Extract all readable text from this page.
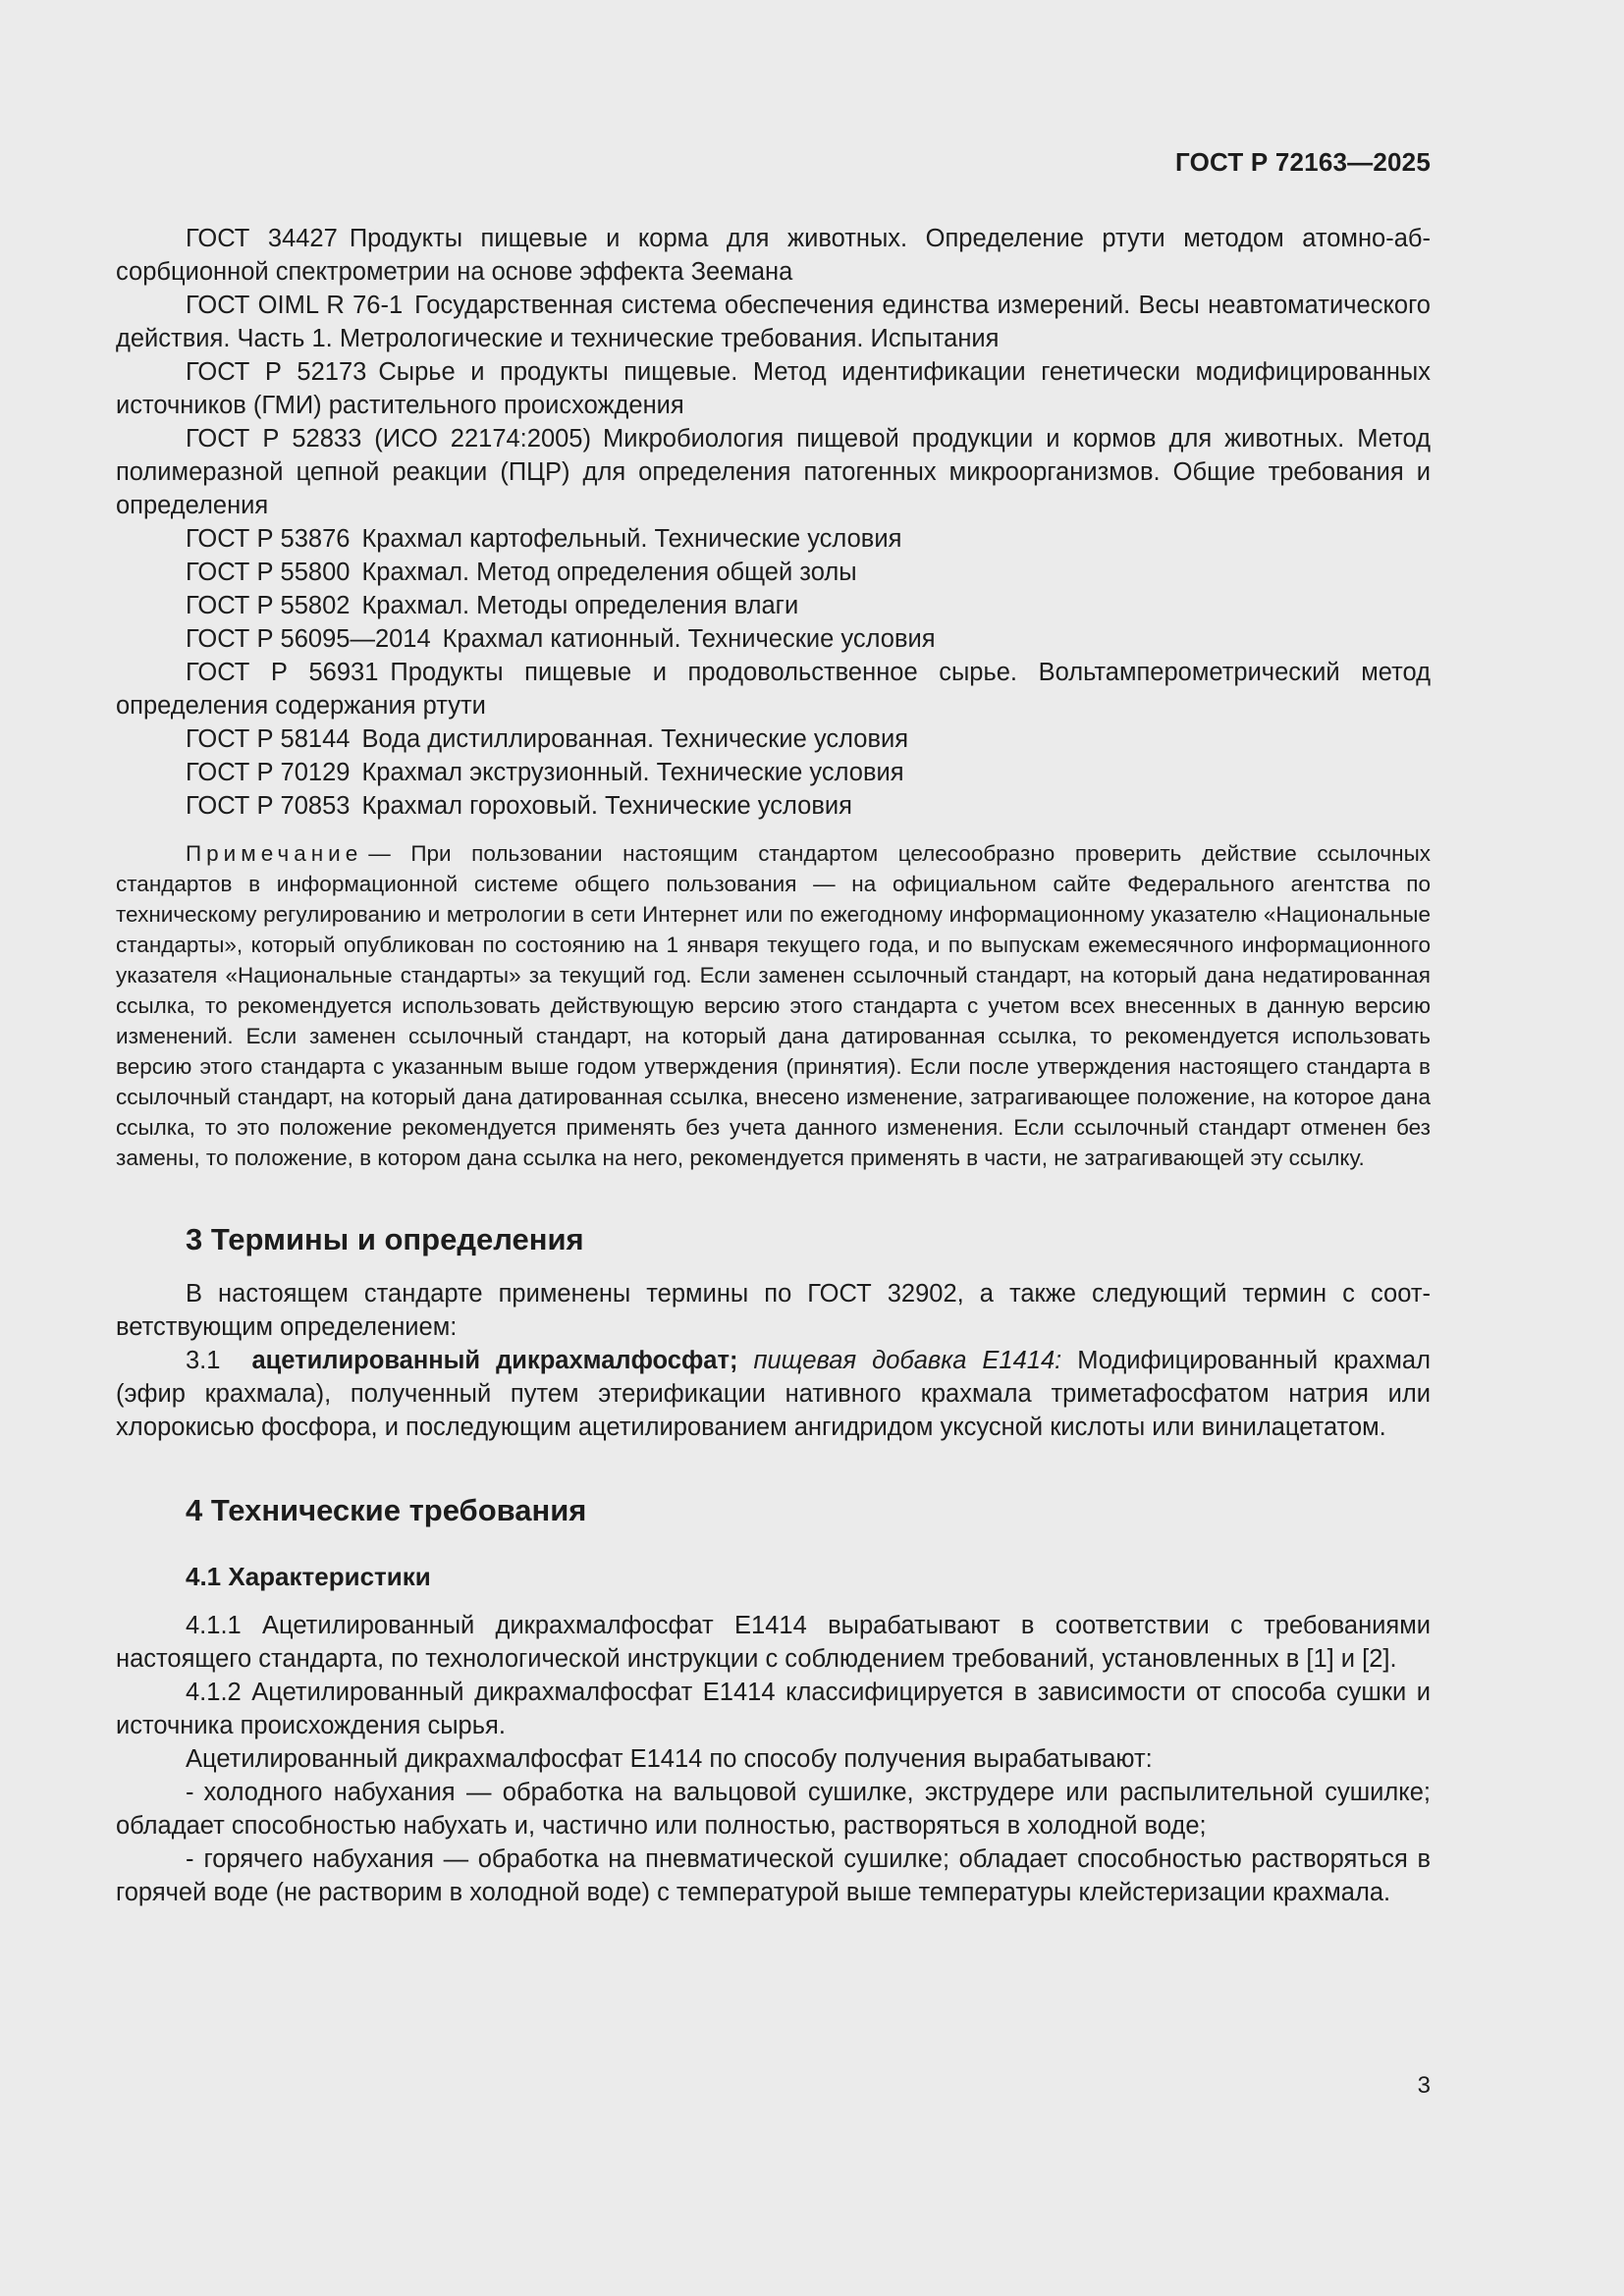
ГОСТ Р 72163—2025

ГОСТ 34427 Продукты пищевые и корма для животных. Определение ртути методом атомно-абсорбционной спектрометрии на основе эффекта Зеемана

ГОСТ OIML R 76-1 Государственная система обеспечения единства измерений. Весы неавтоматического действия. Часть 1. Метрологические и технические требования. Испытания

ГОСТ Р 52173 Сырье и продукты пищевые. Метод идентификации генетически модифицированных источников (ГМИ) растительного происхождения

ГОСТ Р 52833 (ИСО 22174:2005) Микробиология пищевой продукции и кормов для животных. Метод полимеразной цепной реакции (ПЦР) для определения патогенных микроорганизмов. Общие требования и определения

ГОСТ Р 53876 Крахмал картофельный. Технические условия

ГОСТ Р 55800 Крахмал. Метод определения общей золы

ГОСТ Р 55802 Крахмал. Методы определения влаги

ГОСТ Р 56095—2014 Крахмал катионный. Технические условия

ГОСТ Р 56931 Продукты пищевые и продовольственное сырье. Вольтамперометрический метод определения содержания ртути

ГОСТ Р 58144 Вода дистиллированная. Технические условия

ГОСТ Р 70129 Крахмал экструзионный. Технические условия

ГОСТ Р 70853 Крахмал гороховый. Технические условия

Примечание — При пользовании настоящим стандартом целесообразно проверить действие ссылочных стандартов в информационной системе общего пользования — на официальном сайте Федерального агентства по техническому регулированию и метрологии в сети Интернет или по ежегодному информационному указателю «Национальные стандарты», который опубликован по состоянию на 1 января текущего года, и по выпускам ежемесячного информационного указателя «Национальные стандарты» за текущий год. Если заменен ссылочный стандарт, на который дана недатированная ссылка, то рекомендуется использовать действующую версию этого стандарта с учетом всех внесенных в данную версию изменений. Если заменен ссылочный стандарт, на который дана датированная ссылка, то рекомендуется использовать версию этого стандарта с указанным выше годом утверждения (принятия). Если после утверждения настоящего стандарта в ссылочный стандарт, на который дана датированная ссылка, внесено изменение, затрагивающее положение, на которое дана ссылка, то это положение рекомендуется применять без учета данного изменения. Если ссылочный стандарт отменен без замены, то положение, в котором дана ссылка на него, рекомендуется применять в части, не затрагивающей эту ссылку.

3 Термины и определения

В настоящем стандарте применены термины по ГОСТ 32902, а также следующий термин с соответствующим определением:

3.1 ацетилированный дикрахмалфосфат; пищевая добавка Е1414: Модифицированный крахмал (эфир крахмала), полученный путем этерификации нативного крахмала триметафосфатом натрия или хлорокисью фосфора, и последующим ацетилированием ангидридом уксусной кислоты или винилацетатом.

4 Технические требования
4.1 Характеристики

4.1.1 Ацетилированный дикрахмалфосфат Е1414 вырабатывают в соответствии с требованиями настоящего стандарта, по технологической инструкции с соблюдением требований, установленных в [1] и [2].

4.1.2 Ацетилированный дикрахмалфосфат Е1414 классифицируется в зависимости от способа сушки и источника происхождения сырья.

Ацетилированный дикрахмалфосфат Е1414 по способу получения вырабатывают:

- холодного набухания — обработка на вальцовой сушилке, экструдере или распылительной сушилке; обладает способностью набухать и, частично или полностью, растворяться в холодной воде;

- горячего набухания — обработка на пневматической сушилке; обладает способностью растворяться в горячей воде (не растворим в холодной воде) с температурой выше температуры клейстеризации крахмала.

3
